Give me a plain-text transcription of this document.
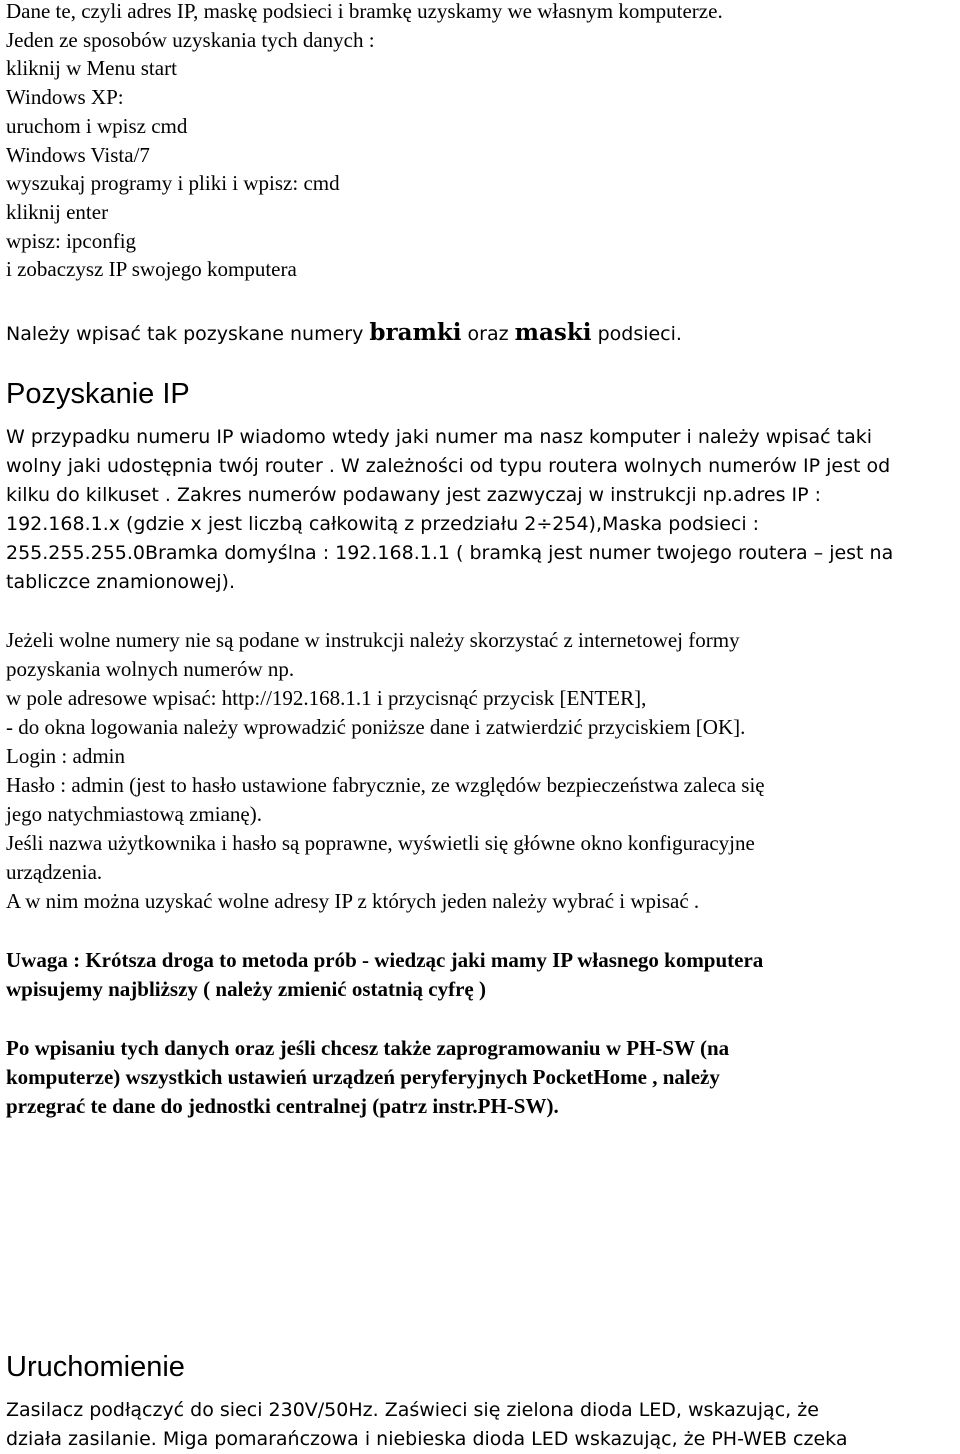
Dane te, czyli adres IP, maskę podsieci i bramkę uzyskamy we własnym komputerze.
Jeden ze sposobów uzyskania tych danych :
kliknij w Menu start
Windows XP:
uruchom i wpisz cmd
Windows Vista/7
wyszukaj programy i pliki i wpisz: cmd
kliknij enter
wpisz: ipconfig
i zobaczysz IP swojego komputera
Należy wpisać tak pozyskane numery bramki oraz maski podsieci.
Pozyskanie IP
W przypadku numeru IP wiadomo wtedy jaki numer ma nasz komputer i należy wpisać taki
wolny jaki udostępnia twój router . W zależności od typu routera wolnych numerów IP jest od
kilku do kilkuset . Zakres numerów podawany jest zazwyczaj w instrukcji np.adres IP :
192.168.1.x (gdzie x jest liczbą całkowitą z przedziału 2÷254),Maska podsieci :
255.255.255.0Bramka domyślna : 192.168.1.1 ( bramką jest numer twojego routera – jest na
tabliczce znamionowej).
Jeżeli wolne numery nie są podane w instrukcji należy skorzystać z internetowej formy
pozyskania wolnych numerów np.
w pole adresowe wpisać: http://192.168.1.1 i przycisnąć przycisk [ENTER],
- do okna logowania należy wprowadzić poniższe dane i zatwierdzić przyciskiem [OK].
Login : admin
Hasło : admin (jest to hasło ustawione fabrycznie, ze względów bezpieczeństwa zaleca się
jego natychmiastową zmianę).
Jeśli nazwa użytkownika i hasło są poprawne, wyświetli się główne okno konfiguracyjne
urządzenia.
A w nim można uzyskać wolne adresy IP z których jeden należy wybrać i wpisać .
Uwaga : Krótsza droga to metoda prób - wiedząc jaki mamy IP własnego komputera
wpisujemy najbliższy ( należy zmienić ostatnią cyfrę )
Po wpisaniu tych danych oraz jeśli chcesz także zaprogramowaniu w PH-SW (na
komputerze) wszystkich ustawień urządzeń peryferyjnych PocketHome , należy
przegrać te dane do jednostki centralnej (patrz instr.PH-SW).
Uruchomienie
Zasilacz podłączyć do sieci 230V/50Hz. Zaświeci się zielona dioda LED, wskazując, że
działa zasilanie. Miga pomarańczowa i niebieska dioda LED wskazując, że PH-WEB czeka
